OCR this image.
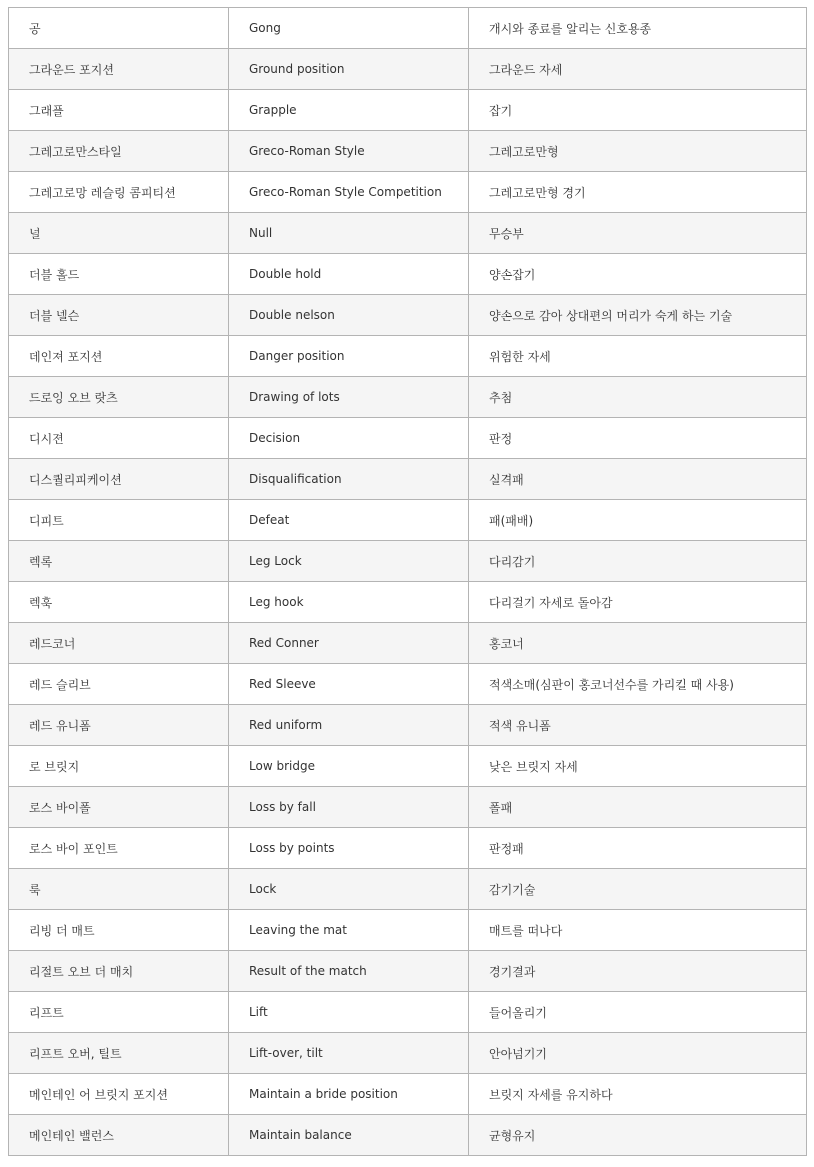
공	Gong	개시와 종료를 알리는 신호용종
그라운드 포지션	Ground position	그라운드 자세
그래플	Grapple	잡기
그레고로만스타일	Greco-Roman Style	그레고로만형
그레고로망 레슬링 콤피티션	Greco-Roman Style Competition	그레고로만형 경기
널	Null	무승부
더블 홀드	Double hold	양손잡기
더블 넬슨	Double nelson	양손으로 감아 상대편의 머리가 숙게 하는 기술
데인져 포지션	Danger position	위험한 자세
드로잉 오브 랏츠	Drawing of lots	추첨
디시젼	Decision	판정
디스퀄리피케이션	Disqualification	실격패
디피트	Defeat	패(패배)
렉록	Leg Lock	다리감기
렉훅	Leg hook	다리걸기 자세로 돌아감
레드코너	Red Conner	홍코너
레드 슬리브	Red Sleeve	적색소매(심판이 홍코너선수를 가리킬 때 사용)
레드 유니폼	Red uniform	적색 유니폼
로 브릿지	Low bridge	낮은 브릿지 자세
로스 바이폴	Loss by fall	폴패
로스 바이 포인트	Loss by points	판정패
룩	Lock	감기기술
리빙 더 매트	Leaving the mat	매트를 떠나다
리절트 오브 더 매치	Result of the match	경기결과
리프트	Lift	들어올리기
리프트 오버, 틸트	Lift-over, tilt	안아넘기기
메인테인 어 브릿지 포지션	Maintain a bride position	브릿지 자세를 유지하다
메인테인 밸런스	Maintain balance	균형유지
